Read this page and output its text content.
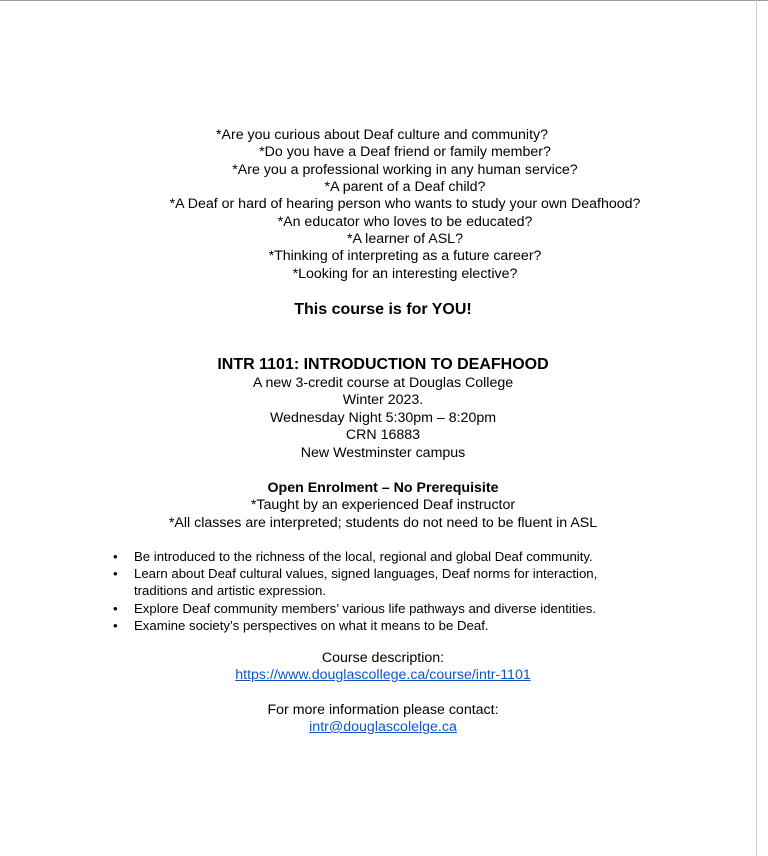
*Are you curious about Deaf culture and community?
*Do you have a Deaf friend or family member?
*Are you a professional working in any human service?
*A parent of a Deaf child?
*A Deaf or hard of hearing person who wants to study your own Deafhood?
*An educator who loves to be educated?
*A learner of ASL?
*Thinking of interpreting as a future career?
*Looking for an interesting elective?
This course is for YOU!
INTR 1101: INTRODUCTION TO DEAFHOOD
A new 3-credit course at Douglas College
Winter 2023.
Wednesday Night 5:30pm – 8:20pm
CRN 16883
New Westminster campus
Open Enrolment – No Prerequisite
*Taught by an experienced Deaf instructor
*All classes are interpreted; students do not need to be fluent in ASL
• Be introduced to the richness of the local, regional and global Deaf community.
• Learn about Deaf cultural values, signed languages, Deaf norms for interaction, traditions and artistic expression.
• Explore Deaf community members’ various life pathways and diverse identities.
• Examine society’s perspectives on what it means to be Deaf.
Course description:
https://www.douglascollege.ca/course/intr-1101
For more information please contact:
intr@douglascolelge.ca
